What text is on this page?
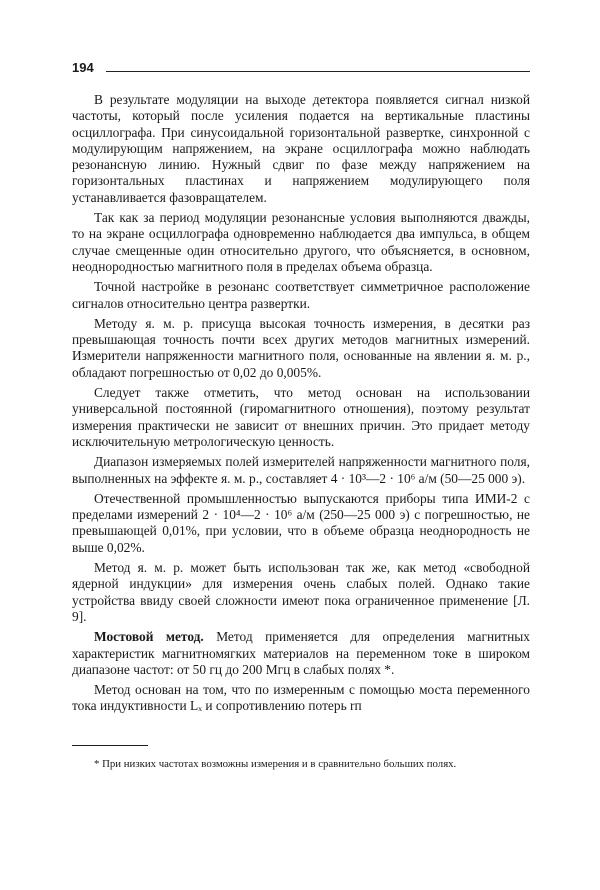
194

В результате модуляции на выходе детектора появляется сигнал низкой частоты, который после усиления подается на вертикальные пластины осциллографа. При синусоидальной горизонтальной развертке, синхронной с модулирующим напряжением, на экране осциллографа можно наблюдать резонансную линию. Нужный сдвиг по фазе между напряжением на горизонтальных пластинах и напряжением модулирующего поля устанавливается фазовращателем.

Так как за период модуляции резонансные условия выполняются дважды, то на экране осциллографа одновременно наблюдается два импульса, в общем случае смещенные один относительно другого, что объясняется, в основном, неоднородностью магнитного поля в пределах объема образца.

Точной настройке в резонанс соответствует симметричное расположение сигналов относительно центра развертки.

Методу я. м. р. присуща высокая точность измерения, в десятки раз превышающая точность почти всех других методов магнитных измерений. Измерители напряженности магнитного поля, основанные на явлении я. м. р., обладают погрешностью от 0,02 до 0,005%.

Следует также отметить, что метод основан на использовании универсальной постоянной (гиромагнитного отношения), поэтому результат измерения практически не зависит от внешних причин. Это придает методу исключительную метрологическую ценность.

Диапазон измеряемых полей измерителей напряженности магнитного поля, выполненных на эффекте я. м. р., составляет 4 · 10³—2 · 10⁶ а/м (50—25 000 э).

Отечественной промышленностью выпускаются приборы типа ИМИ-2 с пределами измерений 2 · 10⁴—2 · 10⁶ а/м (250—25 000 э) с погрешностью, не превышающей 0,01%, при условии, что в объеме образца неоднородность не выше 0,02%.

Метод я. м. р. может быть использован так же, как метод «свободной ядерной индукции» для измерения очень слабых полей. Однако такие устройства ввиду своей сложности имеют пока ограниченное применение [Л. 9].

Мостовой метод. Метод применяется для определения магнитных характеристик магнитномягких материалов на переменном токе в широком диапазоне частот: от 50 гц до 200 Мгц в слабых полях *.

Метод основан на том, что по измеренным с помощью моста переменного тока индуктивности Lₓ и сопротивлению потерь rп

* При низких частотах возможны измерения и в сравнительно больших полях.
